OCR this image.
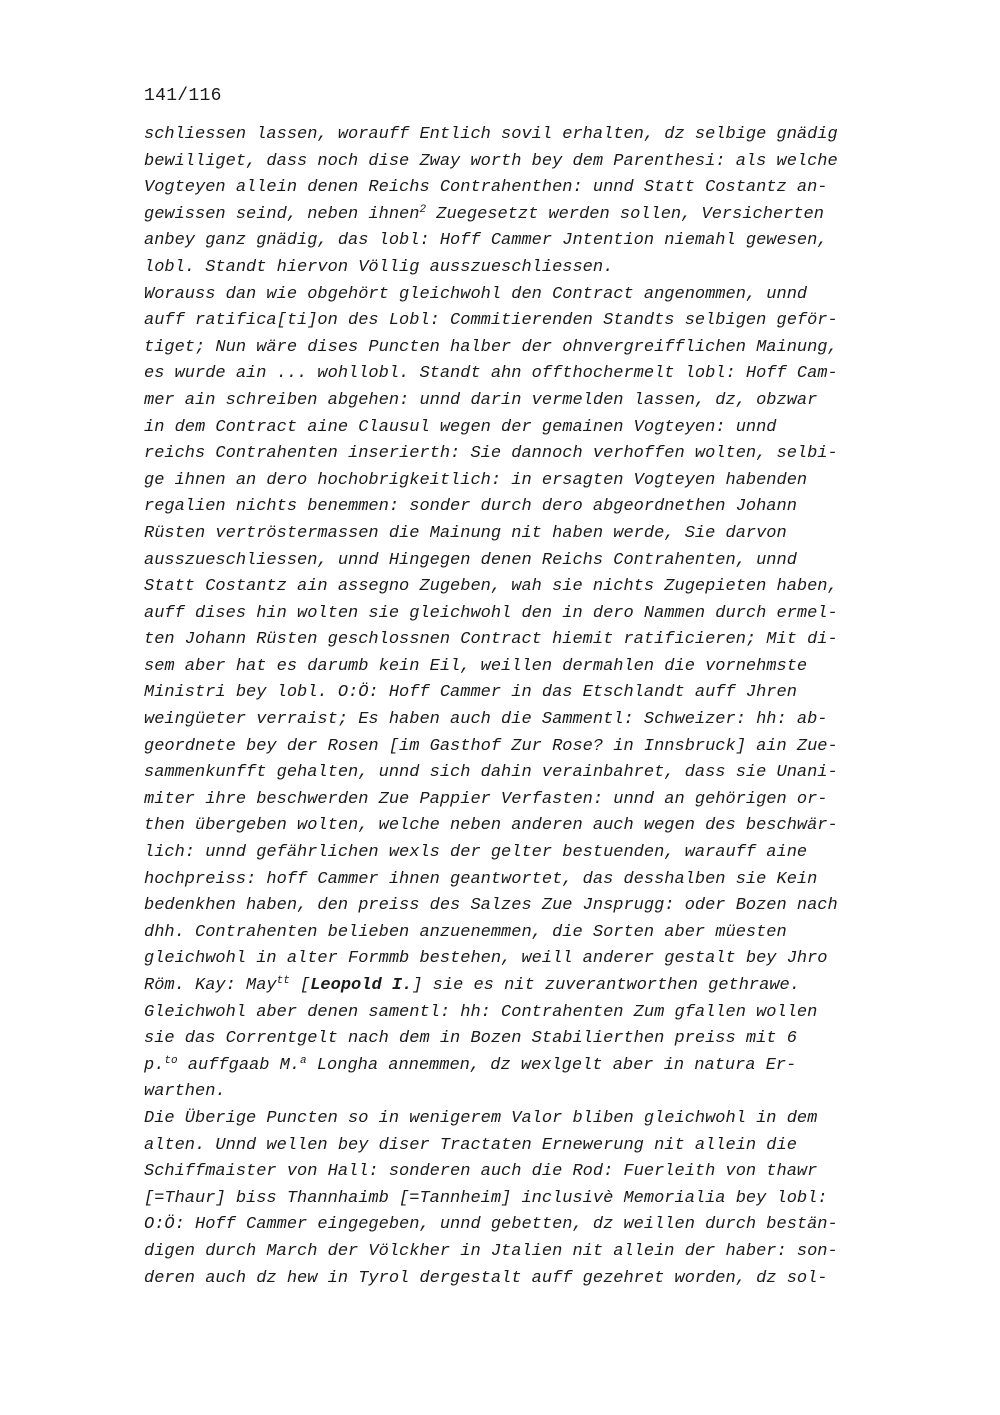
141/116
schliessen lassen, worauff Entlich sovil erhalten, dz selbige gnädig
bewilliget, dass noch dise Zway worth bey dem Parenthesi: als welche
Vogteyen allein denen Reichs Contrahenthen: unnd Statt Costantz an-
gewissen seind, neben ihnen$^2$ Zuegesetzt werden sollen, Versicherten
anbey ganz gnädig, das lobl: Hoff Cammer Jntention niemahl gewesen,
lobl. Standt hiervon Völlig ausszueschliessen.
Worauss dan wie obgehört gleichwohl den Contract angenommen, unnd
auff ratifica[ti]on des Lobl: Commitierenden Standts selbigen geför-
tiget; Nun wäre dises Puncten halber der ohnvergreifflichen Mainung,
es wurde ain ... wohllobl. Standt ahn offthochermelt lobl: Hoff Cam-
mer ain schreiben abgehen: unnd darin vermelden lassen, dz, obzwar
in dem Contract aine Clausul wegen der gemainen Vogteyen: unnd
reichs Contrahenten inserierth: Sie dannoch verhoffen wolten, selbi-
ge ihnen an dero hochobrigkeitlich: in ersagten Vogteyen habenden
regalien nichts benemmen: sonder durch dero abgeordnethen Johann
Rüsten vertröstermassen die Mainung nit haben werde, Sie darvon
ausszueschliessen, unnd Hingegen denen Reichs Contrahenten, unnd
Statt Costantz ain assegno Zugeben, wah sie nichts Zugepieten haben,
auff dises hin wolten sie gleichwohl den in dero Nammen durch ermel-
ten Johann Rüsten geschlossnen Contract hiemit ratificieren; Mit di-
sem aber hat es darumb kein Eil, weillen dermahlen die vornehmste
Ministri bey lobl. O:Ö: Hoff Cammer in das Etschlandt auff Jhren
weingüeter verraist; Es haben auch die Sammentl: Schweizer: hh: ab-
geordnete bey der Rosen [im Gasthof Zur Rose? in Innsbruck] ain Zue-
sammenkunfft gehalten, unnd sich dahin verainbahret, dass sie Unani-
miter ihre beschwerden Zue Pappier Verfasten: unnd an gehörigen or-
then übergeben wolten, welche neben anderen auch wegen des beschwär-
lich: unnd gefährlichen wexls der gelter bestuenden, warauff aine
hochpreiss: hoff Cammer ihnen geantwortet, das desshalben sie Kein
bedenkhen haben, den preiss des Salzes Zue Jnsprugg: oder Bozen nach
dhh. Contrahenten belieben anzuenemmen, die Sorten aber müesten
gleichwohl in alter Formmb bestehen, weill anderer gestalt bey Jhro
Röm. Kay: May$^{tt}$ [Leopold I.] sie es nit zuverantworthen gethrawe.
Gleichwohl aber denen samentl: hh: Contrahenten Zum gfallen wollen
sie das Correntgelt nach dem in Bozen Stabilierthen preiss mit 6
p.$^{to}$ auffgaab M.$^a$ Longha annemmen, dz wexlgelt aber in natura Er-
warthen.
Die Überige Puncten so in wenigerem Valor bliben gleichwohl in dem
alten. Unnd wellen bey diser Tractaten Ernewerung nit allein die
Schiffmaister von Hall: sonderen auch die Rod: Fuerleith von thawr
[=Thaur] biss Thannhaimb [=Tannheim] inclusivè Memorialia bey lobl:
O:Ö: Hoff Cammer eingegeben, unnd gebetten, dz weillen durch bestän-
digen durch March der Völckher in Jtalien nit allein der haber: son-
deren auch dz hew in Tyrol dergestalt auff gezehret worden, dz sol-
